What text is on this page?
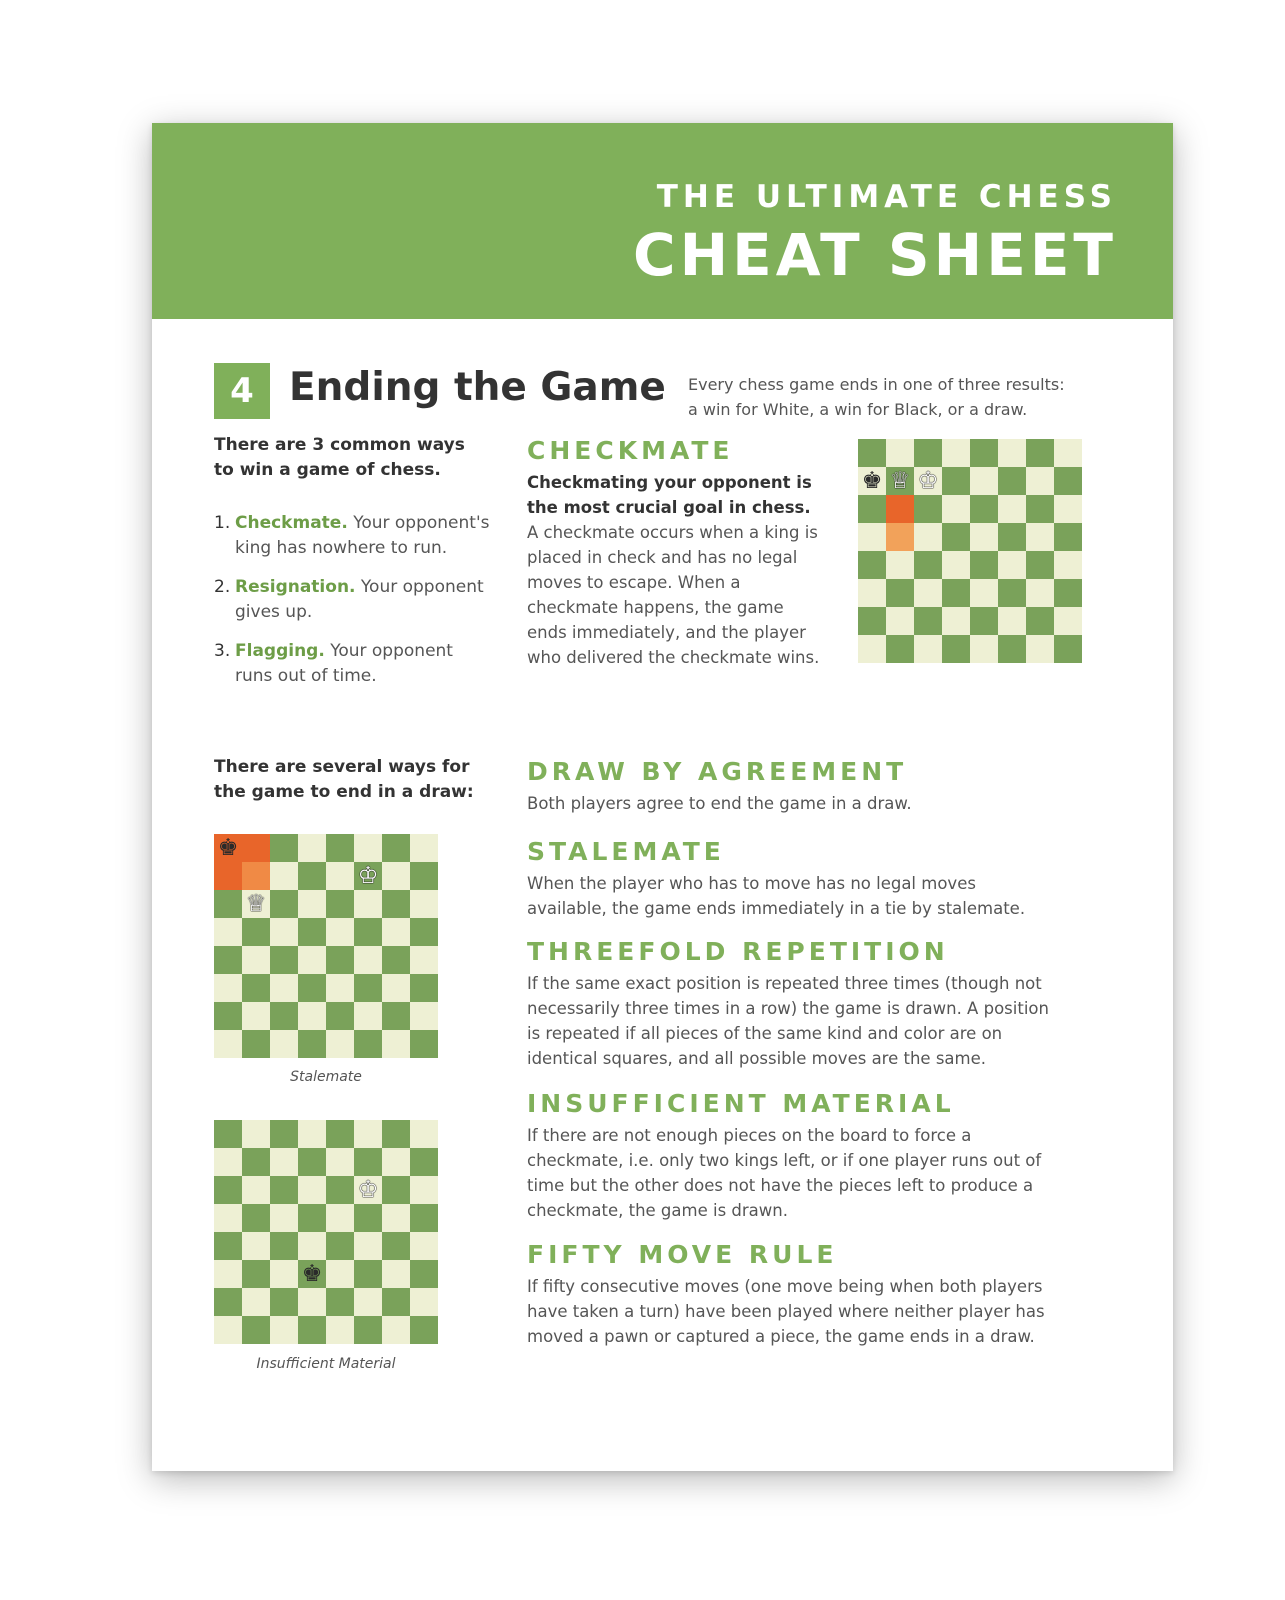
THE ULTIMATE CHESS
CHEAT SHEET
4 Ending the Game Every chess game ends in one of three results:
a win for White, a win for Black, or a draw.
There are 3 common ways
to win a game of chess.
1. Checkmate. Your opponent's
king has nowhere to run.
2. Resignation. Your opponent
gives up.
3. Flagging. Your opponent
runs out of time.
There are several ways for
the game to end in a draw:
♚ ♕ ♔
♚
♔
♕
Stalemate
♔
♚
Insufficient Material
CHECKMATE
Checkmating your opponent is
the most crucial goal in chess.
A checkmate occurs when a king is
placed in check and has no legal
moves to escape. When a
checkmate happens, the game
ends immediately, and the player
who delivered the checkmate wins.
DRAW BY AGREEMENT
Both players agree to end the game in a draw.
STALEMATE
When the player who has to move has no legal moves
available, the game ends immediately in a tie by stalemate.
THREEFOLD REPETITION
If the same exact position is repeated three times (though not
necessarily three times in a row) the game is drawn. A position
is repeated if all pieces of the same kind and color are on
identical squares, and all possible moves are the same.
INSUFFICIENT MATERIAL
If there are not enough pieces on the board to force a
checkmate, i.e. only two kings left, or if one player runs out of
time but the other does not have the pieces left to produce a
checkmate, the game is drawn.
FIFTY MOVE RULE
If fifty consecutive moves (one move being when both players
have taken a turn) have been played where neither player has
moved a pawn or captured a piece, the game ends in a draw.
